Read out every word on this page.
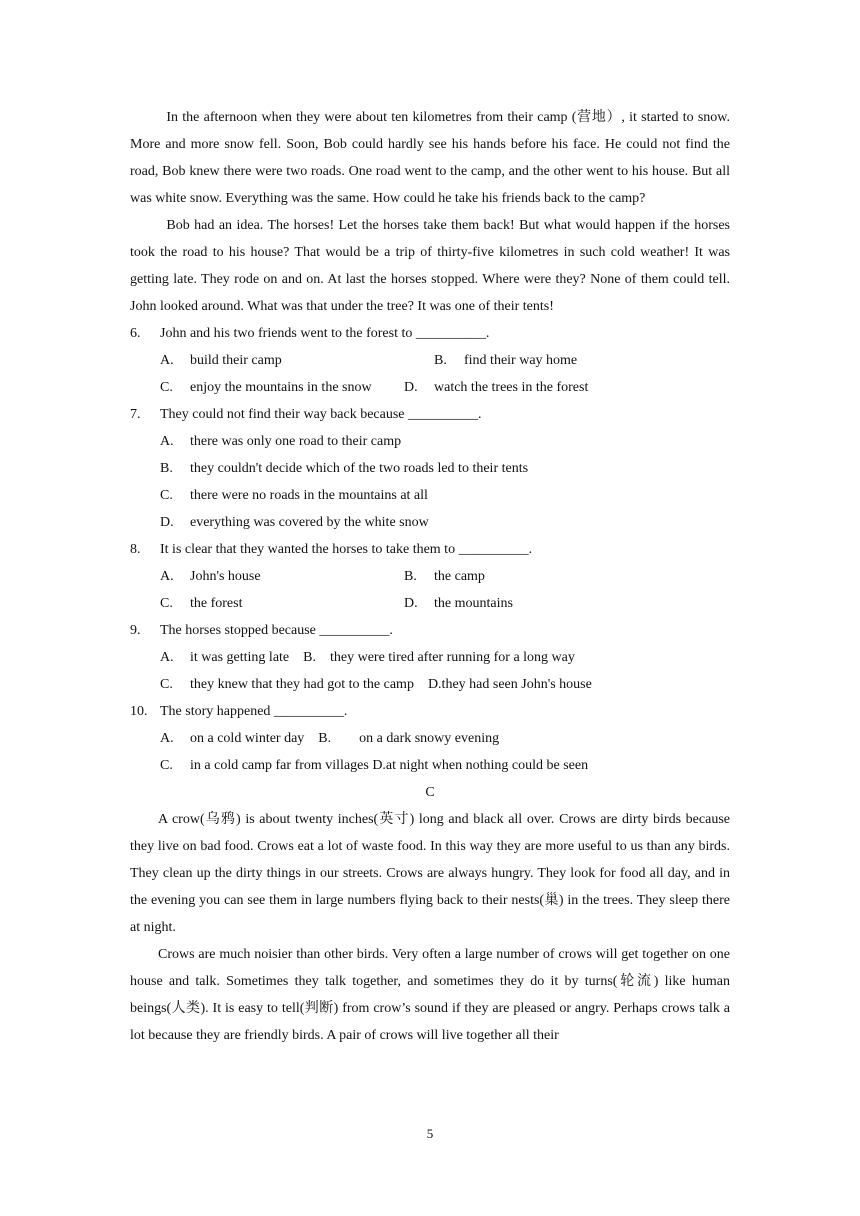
In the afternoon when they were about ten kilometres from their camp (营地）, it started to snow. More and more snow fell. Soon, Bob could hardly see his hands before his face. He could not find the road, Bob knew there were two roads. One road went to the camp, and the other went to his house. But all was white snow. Everything was the same. How could he take his friends back to the camp?

Bob had an idea. The horses! Let the horses take them back! But what would happen if the horses took the road to his house? That would be a trip of thirty-five kilometres in such cold weather! It was getting late. They rode on and on. At last the horses stopped. Where were they? None of them could tell. John looked around. What was that under the tree? It was one of their tents!

6.	John and his two friends went to the forest to __________.

A.	build their camp	B.	find their way home
C.	enjoy the mountains in the snow D.	watch the trees in the forest

7.	They could not find their way back because __________.

A.	there was only one road to their camp
B.	they couldn't decide which of the two roads led to their tents
C.	there were no roads in the mountains at all
D.	everything was covered by the white snow

8.	It is clear that they wanted the horses to take them to __________.

A.	John's house	B.	the camp
C.	the forest	D.	the mountains

9.	The horses stopped because __________.

A.	it was getting late    B.    they were tired after running for a long way
C.	they knew that they had got to the camp    D.they had seen John's house

10. The story happened __________.

A.	on a cold winter day    B.        on a dark snowy evening
C.	in a cold camp far from villages D.at night when nothing could be seen

C

A crow(乌鸦) is about twenty inches(英寸) long and black all over. Crows are dirty birds because they live on bad food. Crows eat a lot of waste food. In this way they are more useful to us than any birds. They clean up the dirty things in our streets. Crows are always hungry. They look for food all day, and in the evening you can see them in large numbers flying back to their nests(巢) in the trees. They sleep there at night.

Crows are much noisier than other birds. Very often a large number of crows will get together on one house and talk. Sometimes they talk together, and sometimes they do it by turns(轮流) like human beings(人类). It is easy to tell(判断) from crow’s sound if they are pleased or angry. Perhaps crows talk a lot because they are friendly birds. A pair of crows will live together all their

5
